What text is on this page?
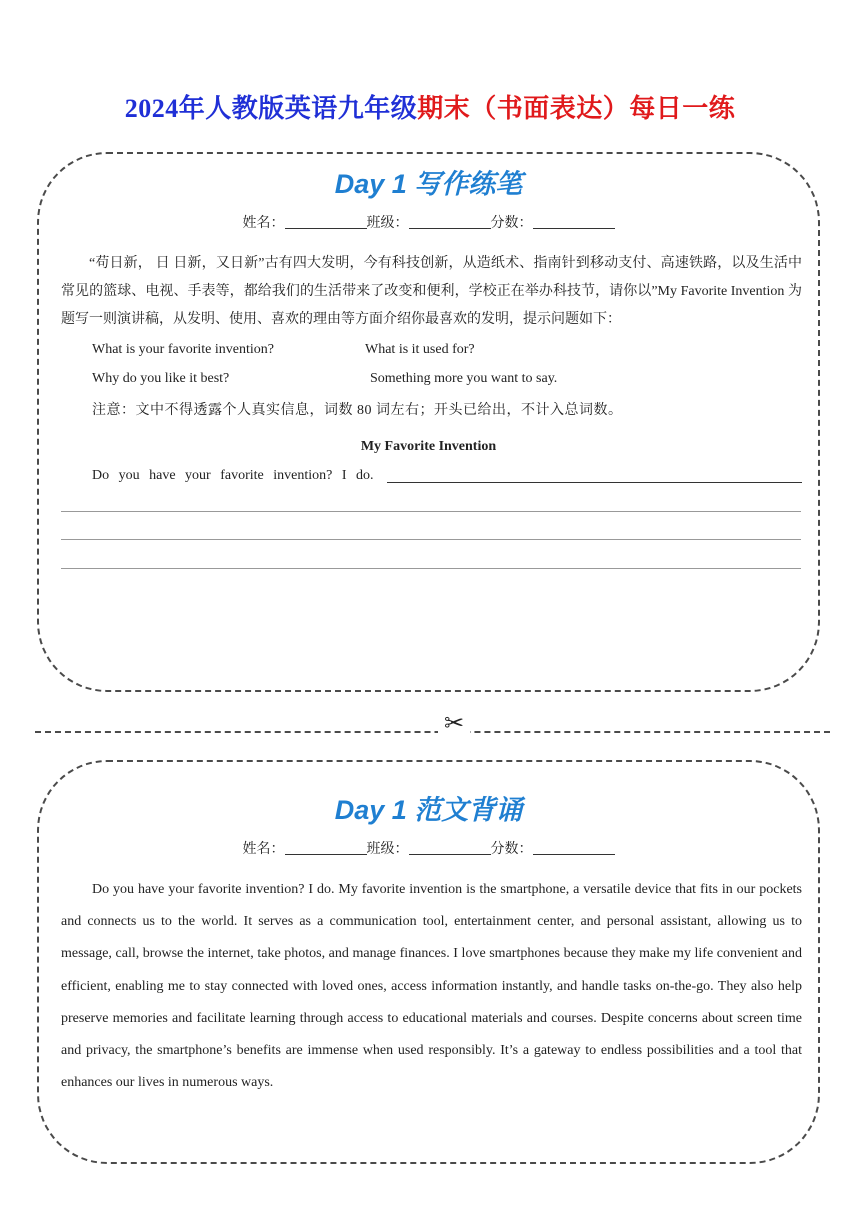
2024年人教版英语九年级期末（书面表达）每日一练
Day 1 写作练笔
姓名：	班级：	分数：
“苟日新， 日 日新，又日新”古有四大发明，今有科技创新，从造纸术、指南针到移动支付、高速铁路，以及生活中常见的篮球、电视、手表等，都给我们的生活带来了改变和便利，学校正在举办科技节，请你以”My Favorite Invention 为题写一则演讲稿，从发明、使用、喜欢的理由等方面介绍你最喜欢的发明，提示问题如下：
What is your favorite invention?	What is it used for?
Why do you like it best?	Something more you want to say.
注意：文中不得透露个人真实信息，词数 80 词左右；开头已给出，不计入总词数。
My Favorite Invention
Do you have your favorite invention? I do.
✂
Day 1 范文背诵
姓名：	班级：	分数：
Do you have your favorite invention? I do. My favorite invention is the smartphone, a versatile device that fits in our pockets and connects us to the world. It serves as a communication tool, entertainment center, and personal assistant, allowing us to message, call, browse the internet, take photos, and manage finances. I love smartphones because they make my life convenient and efficient, enabling me to stay connected with loved ones, access information instantly, and handle tasks on-the-go. They also help preserve memories and facilitate learning through access to educational materials and courses. Despite concerns about screen time and privacy, the smartphone’s benefits are immense when used responsibly. It’s a gateway to endless possibilities and a tool that enhances our lives in numerous ways.
